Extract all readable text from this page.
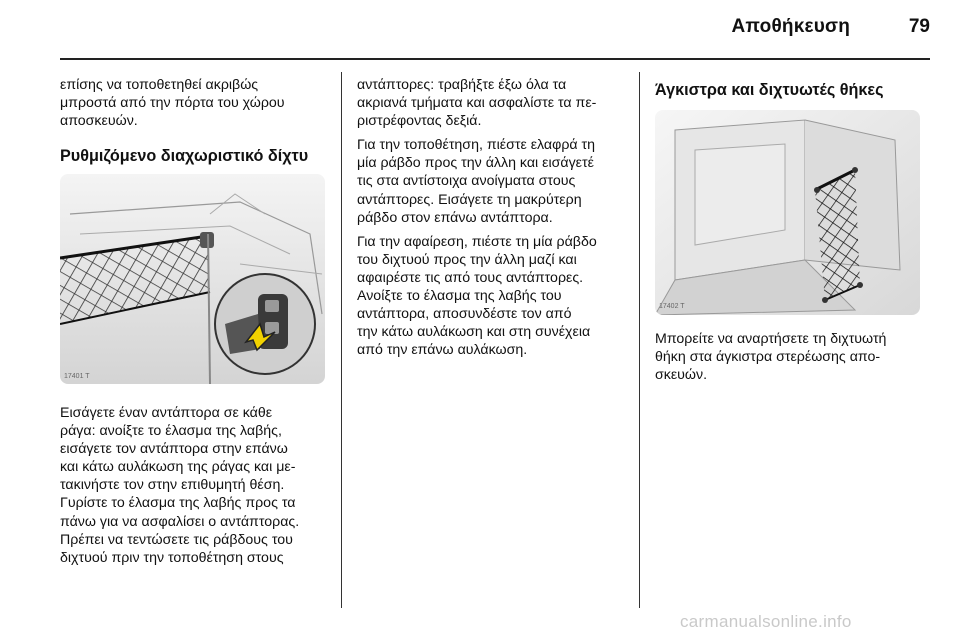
Αποθήκευση	79

επίσης να τοποθετηθεί ακριβώς

μπροστά από την πόρτα του χώρου

αποσκευών.

Ρυθμιζόμενο διαχωριστικό δίχτυ
17401 T

Εισάγετε έναν αντάπτορα σε κάθε

ράγα: ανοίξτε το έλασμα της λαβής,

εισάγετε τον αντάπτορα στην επάνω

και κάτω αυλάκωση της ράγας και με-

τακινήστε τον στην επιθυμητή θέση.

Γυρίστε το έλασμα της λαβής προς τα

πάνω για να ασφαλίσει ο αντάπτορας.

Πρέπει να τεντώσετε τις ράβδους του

διχτυού πριν την τοποθέτηση στους

αντάπτορες: τραβήξτε έξω όλα τα

ακριανά τμήματα και ασφαλίστε τα πε-

ριστρέφοντας δεξιά.

Για την τοποθέτηση, πιέστε ελαφρά τη

μία ράβδο προς την άλλη και εισάγετέ

τις στα αντίστοιχα ανοίγματα στους

αντάπτορες. Εισάγετε τη μακρύτερη

ράβδο στον επάνω αντάπτορα.

Για την αφαίρεση, πιέστε τη μία ράβδο

του διχτυού προς την άλλη μαζί και

αφαιρέστε τις από τους αντάπτορες.

Ανοίξτε το έλασμα της λαβής του

αντάπτορα, αποσυνδέστε τον από

την κάτω αυλάκωση και στη συνέχεια

από την επάνω αυλάκωση.

Άγκιστρα και διχτυωτές θήκες
17402 T

Μπορείτε να αναρτήσετε τη διχτυωτή

θήκη στα άγκιστρα στερέωσης απο-

σκευών.

carmanualsonline.info
